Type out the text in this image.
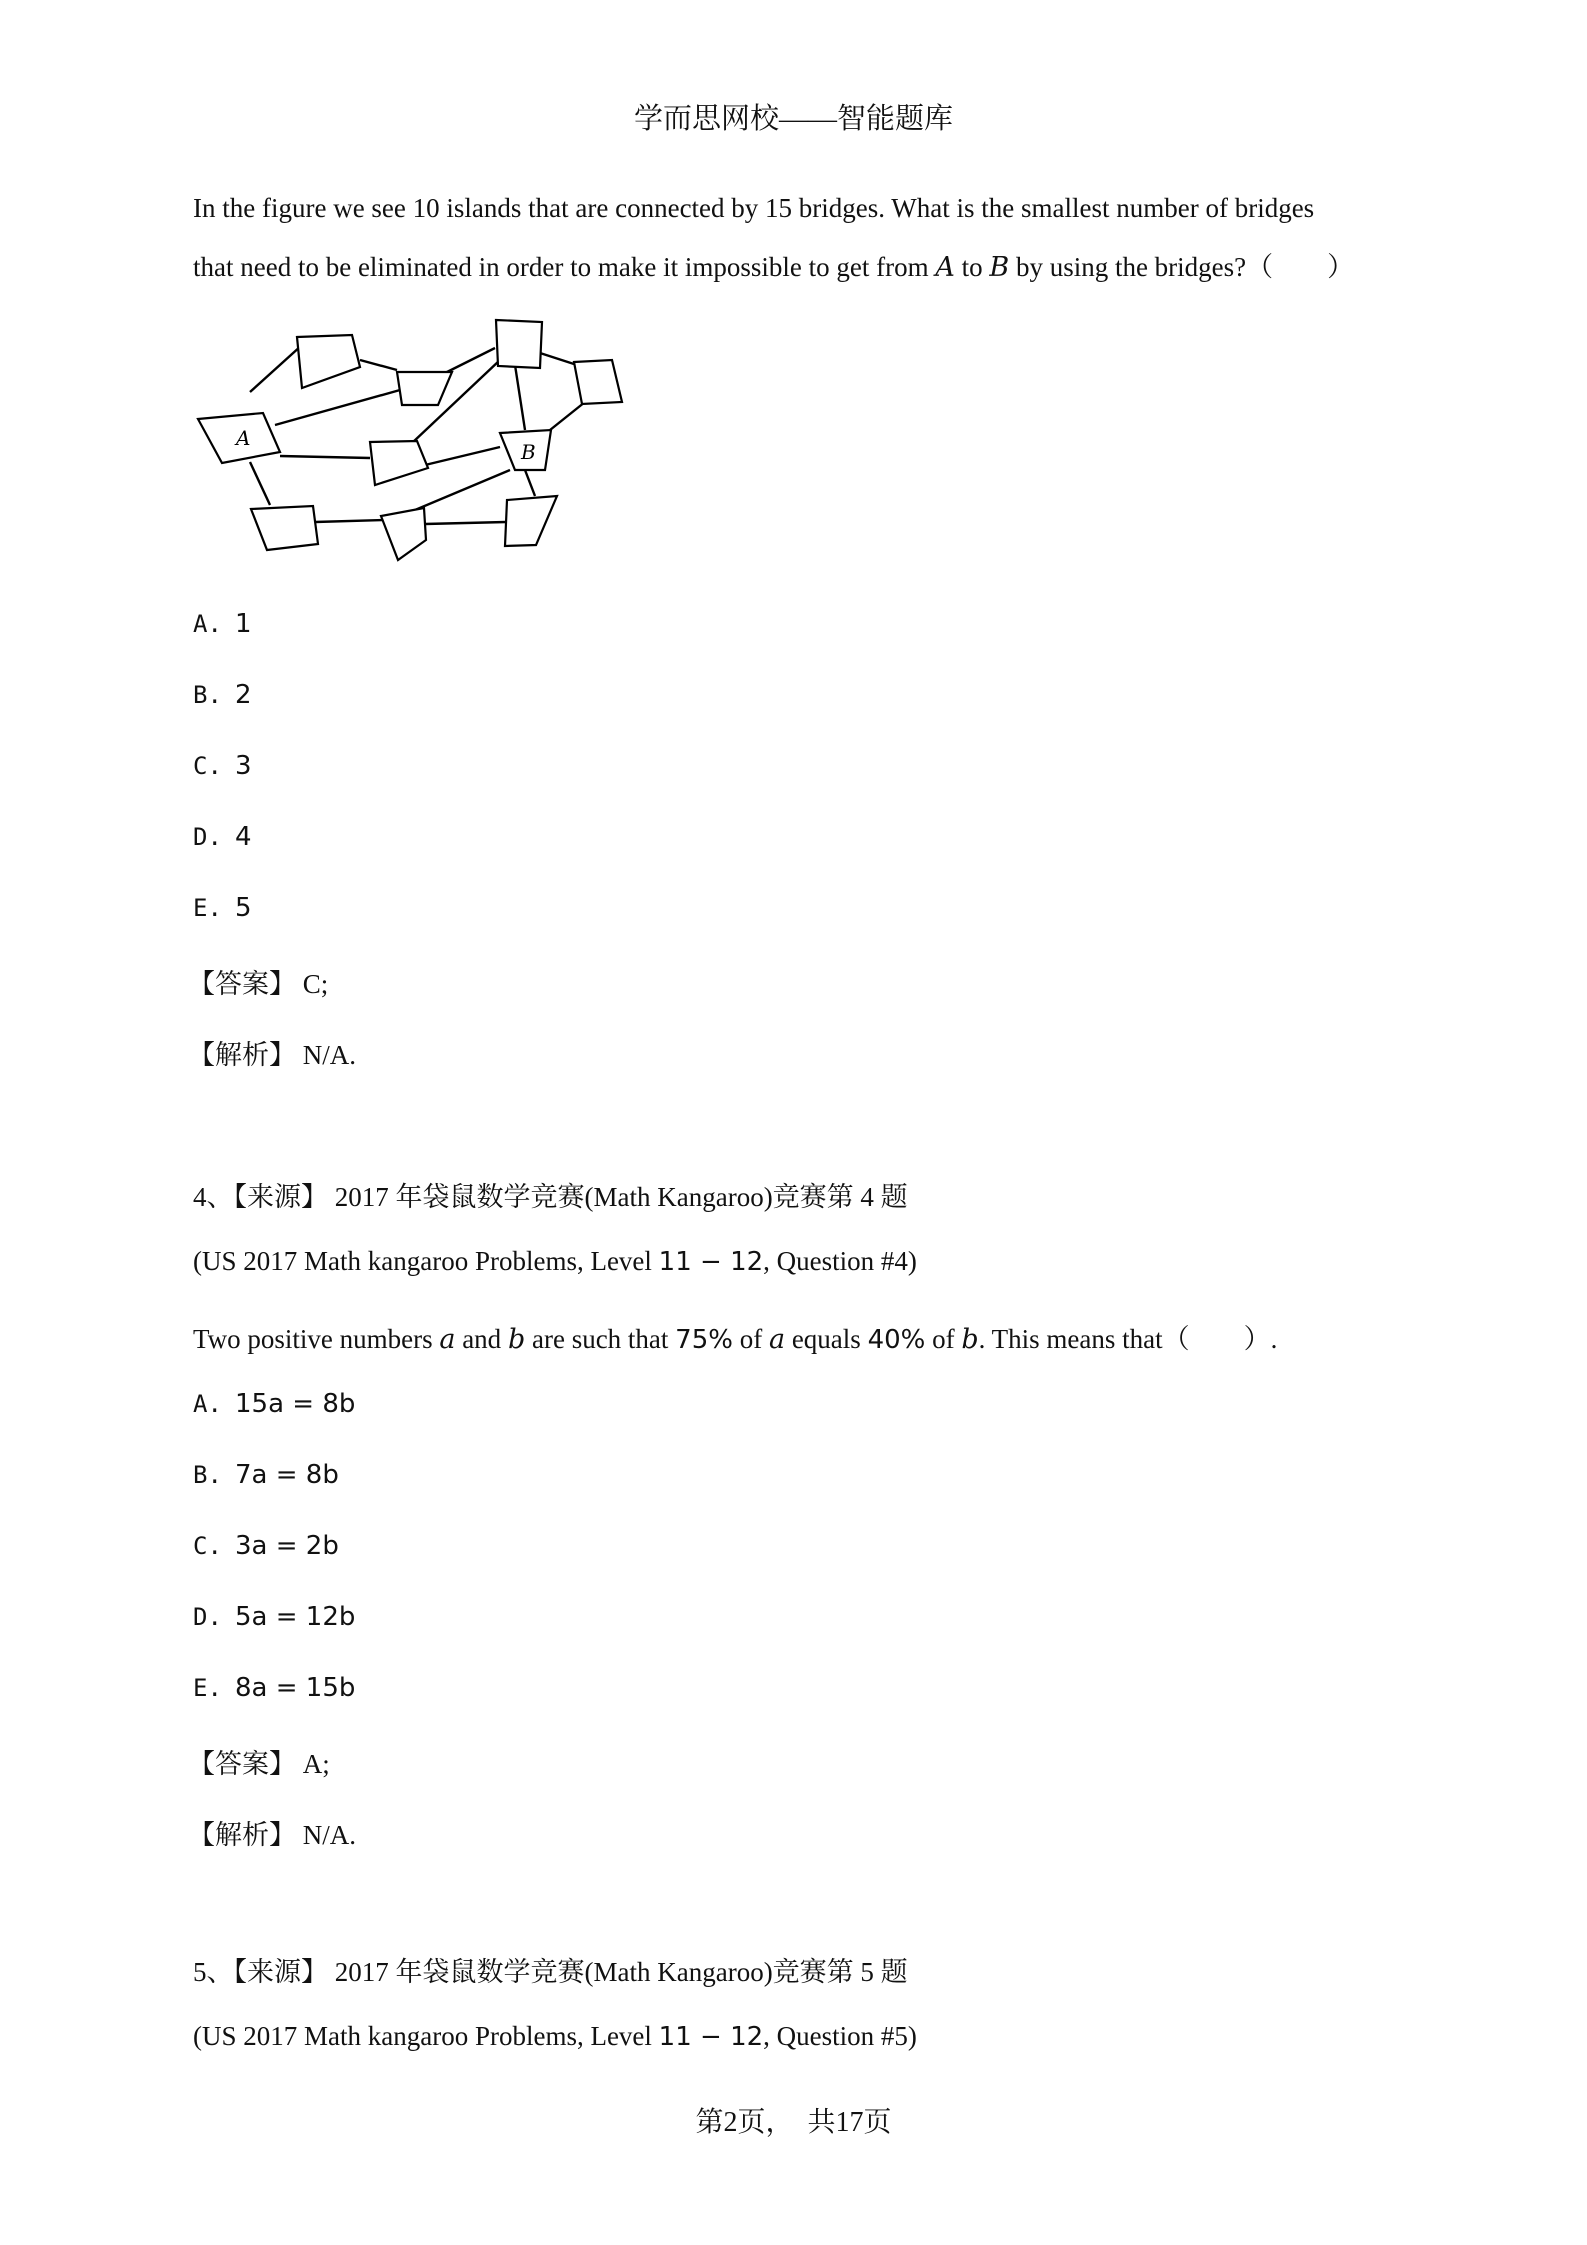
学而思网校——智能题库
In the figure we see 10 islands that are connected by 15 bridges. What is the smallest number of bridges
that need to be eliminated in order to make it impossible to get from A to B by using the bridges?（　　）
A
B
A. 1
B. 2
C. 3
D. 4
E. 5
【答案】 C;
【解析】 N/A.
4、【来源】 2017 年袋鼠数学竞赛(Math Kangaroo)竞赛第 4 题
(US 2017 Math kangaroo Problems, Level 11 − 12, Question #4)
Two positive numbers a and b are such that 75% of a equals 40% of b. This means that（　　）.
A. 15a = 8b
B. 7a = 8b
C. 3a = 2b
D. 5a = 12b
E. 8a = 15b
【答案】 A;
【解析】 N/A.
5、【来源】 2017 年袋鼠数学竞赛(Math Kangaroo)竞赛第 5 题
(US 2017 Math kangaroo Problems, Level 11 − 12, Question #5)
第2页，　共17页
